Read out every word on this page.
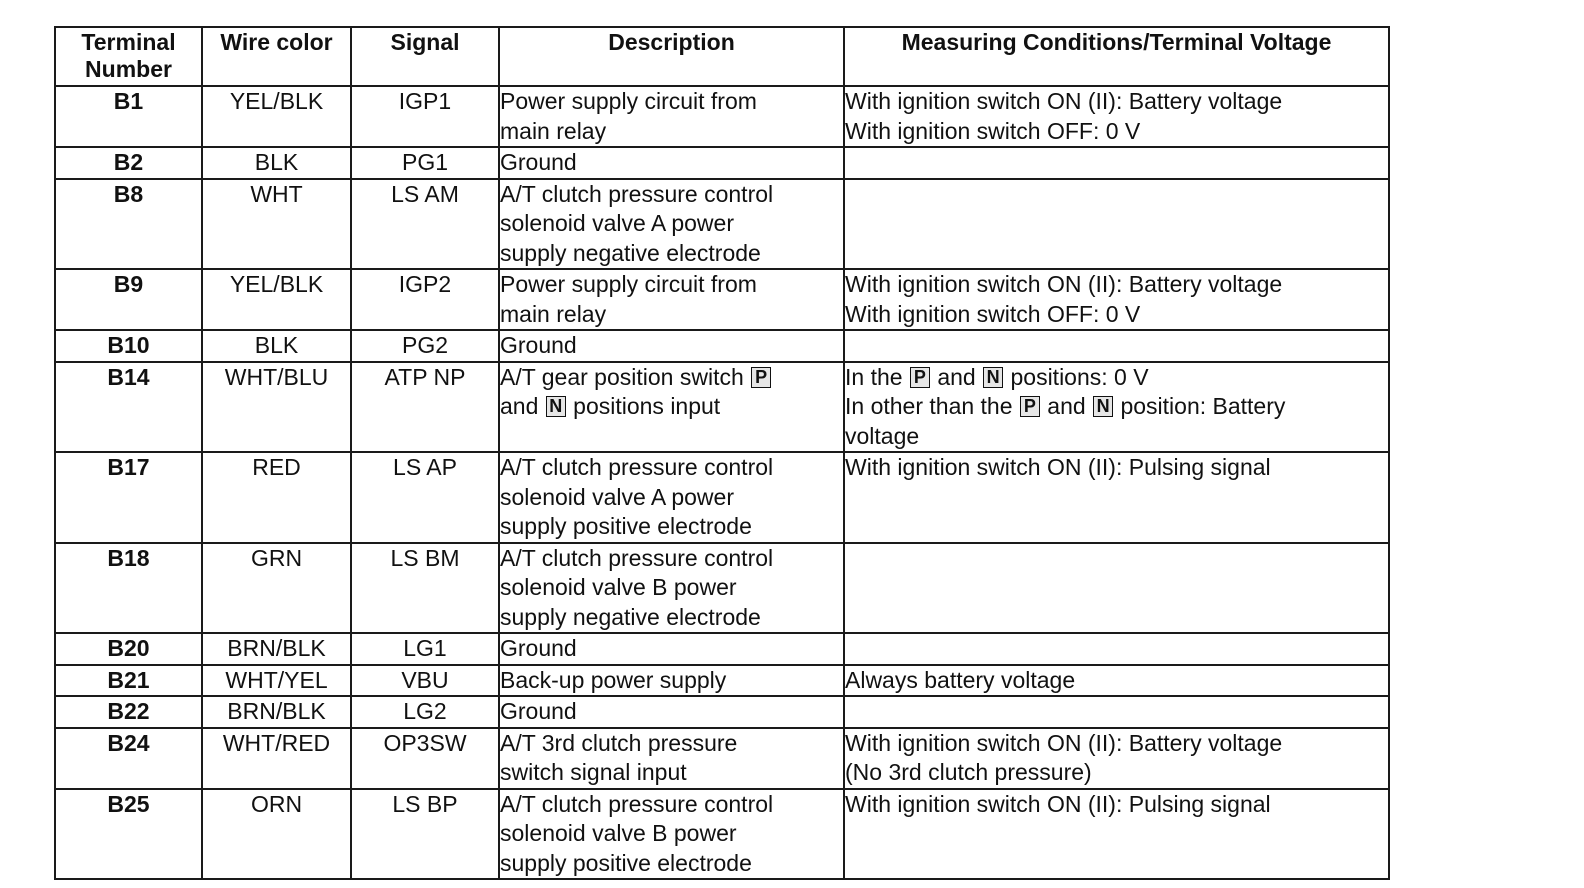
Terminal
Number	Wire color	Signal	Description	Measuring Conditions/Terminal Voltage
B1	YEL/BLK	IGP1	Power supply circuit from
main relay	With ignition switch ON (II): Battery voltage
With ignition switch OFF: 0 V

B2	BLK	PG1	Ground	

B8	WHT	LS AM	A/T clutch pressure control
solenoid valve A power
supply negative electrode	

B9	YEL/BLK	IGP2	Power supply circuit from
main relay	With ignition switch ON (II): Battery voltage
With ignition switch OFF: 0 V

B10	BLK	PG2	Ground	

B14	WHT/BLU	ATP NP	A/T gear position switch P
and N positions input	In the P and N positions: 0 V
In other than the P and N position: Battery
voltage

B17	RED	LS AP	A/T clutch pressure control
solenoid valve A power
supply positive electrode	With ignition switch ON (II): Pulsing signal

B18	GRN	LS BM	A/T clutch pressure control
solenoid valve B power
supply negative electrode	

B20	BRN/BLK	LG1	Ground	

B21	WHT/YEL	VBU	Back-up power supply	Always battery voltage

B22	BRN/BLK	LG2	Ground	

B24	WHT/RED	OP3SW	A/T 3rd clutch pressure
switch signal input	With ignition switch ON (II): Battery voltage
(No 3rd clutch pressure)

B25	ORN	LS BP	A/T clutch pressure control
solenoid valve B power
supply positive electrode	With ignition switch ON (II): Pulsing signal
